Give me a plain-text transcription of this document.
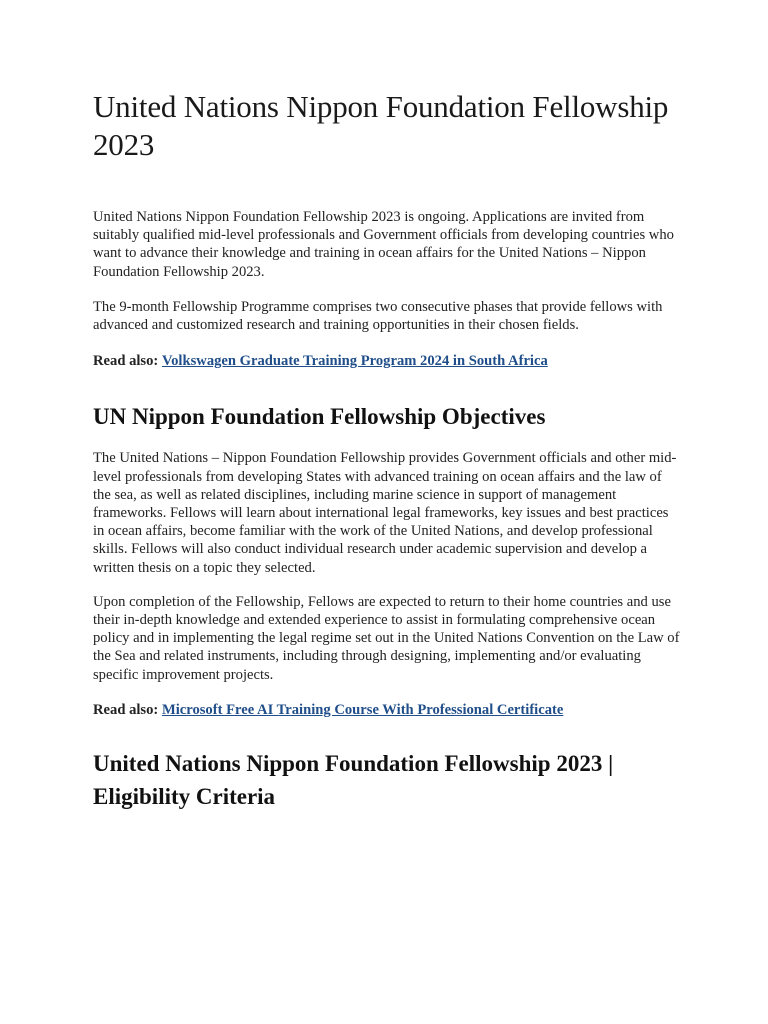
United Nations Nippon Foundation Fellowship 2023

United Nations Nippon Foundation Fellowship 2023 is ongoing. Applications are invited from suitably qualified mid-level professionals and Government officials from developing countries who want to advance their knowledge and training in ocean affairs for the United Nations – Nippon Foundation Fellowship 2023.

The 9-month Fellowship Programme comprises two consecutive phases that provide fellows with advanced and customized research and training opportunities in their chosen fields.

Read also: Volkswagen Graduate Training Program 2024 in South Africa

UN Nippon Foundation Fellowship Objectives

The United Nations – Nippon Foundation Fellowship provides Government officials and other mid-level professionals from developing States with advanced training on ocean affairs and the law of the sea, as well as related disciplines, including marine science in support of management frameworks. Fellows will learn about international legal frameworks, key issues and best practices in ocean affairs, become familiar with the work of the United Nations, and develop professional skills. Fellows will also conduct individual research under academic supervision and develop a written thesis on a topic they selected.

Upon completion of the Fellowship, Fellows are expected to return to their home countries and use their in-depth knowledge and extended experience to assist in formulating comprehensive ocean policy and in implementing the legal regime set out in the United Nations Convention on the Law of the Sea and related instruments, including through designing, implementing and/or evaluating specific improvement projects.

Read also: Microsoft Free AI Training Course With Professional Certificate

United Nations Nippon Foundation Fellowship 2023 | Eligibility Criteria
